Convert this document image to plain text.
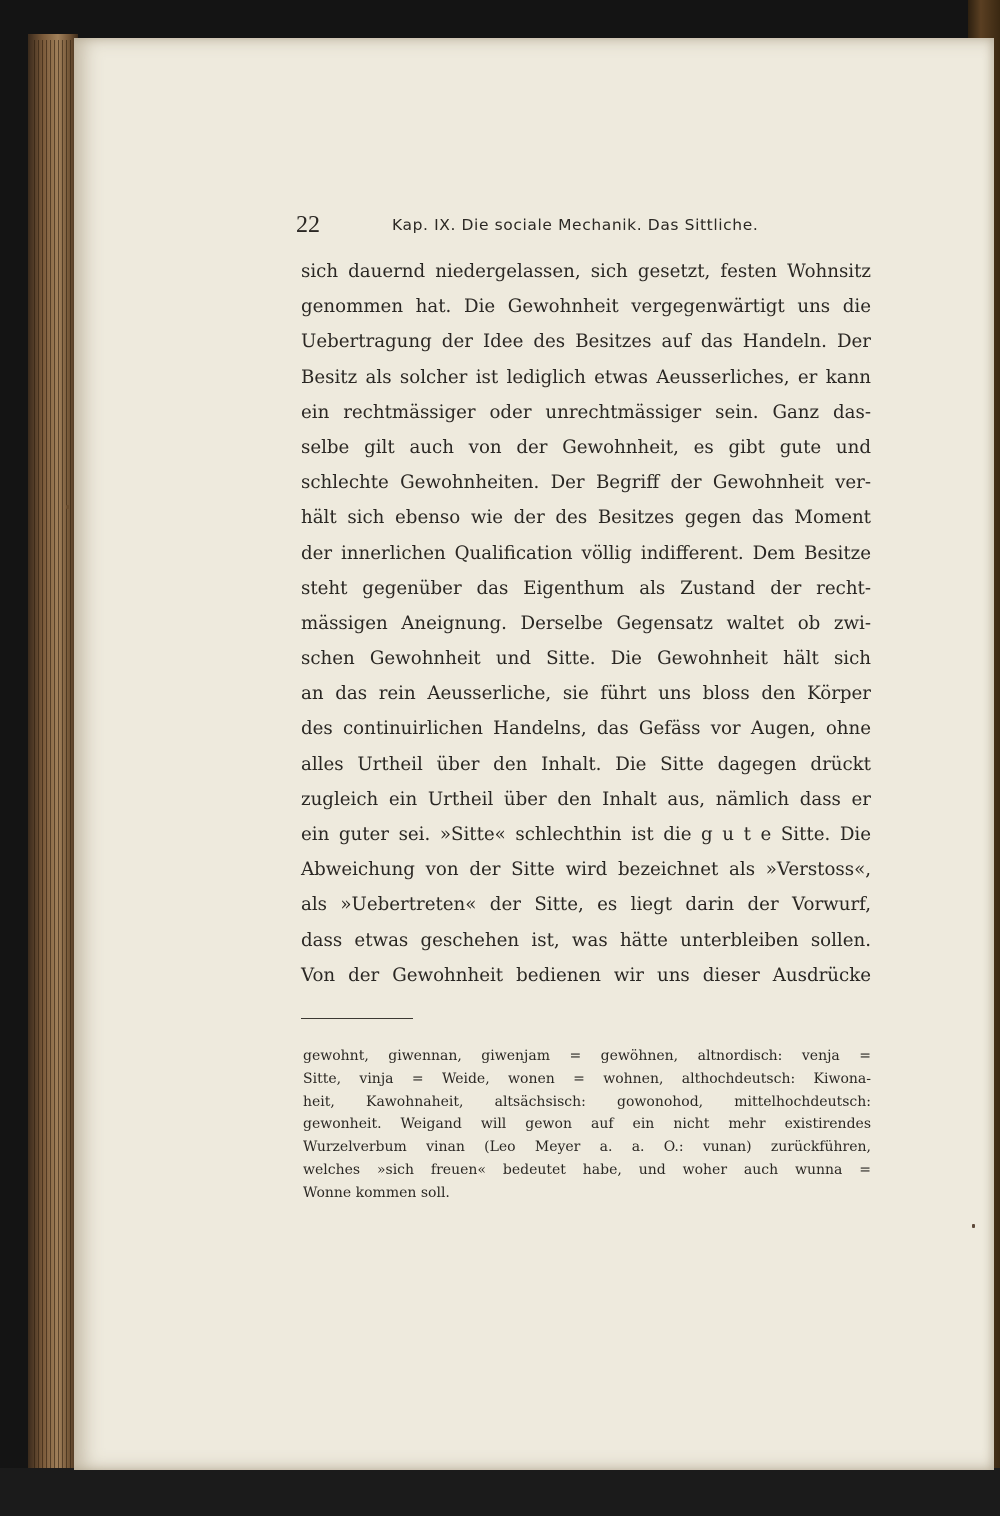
22	Kap. IX. Die sociale Mechanik. Das Sittliche.
sich dauernd niedergelassen, sich gesetzt, festen Wohnsitz
genommen hat. Die Gewohnheit vergegenwärtigt uns die
Uebertragung der Idee des Besitzes auf das Handeln. Der
Besitz als solcher ist lediglich etwas Aeusserliches, er kann
ein rechtmässiger oder unrechtmässiger sein. Ganz das-
selbe gilt auch von der Gewohnheit, es gibt gute und
schlechte Gewohnheiten. Der Begriff der Gewohnheit ver-
hält sich ebenso wie der des Besitzes gegen das Moment
der innerlichen Qualification völlig indifferent. Dem Besitze
steht gegenüber das Eigenthum als Zustand der recht-
mässigen Aneignung. Derselbe Gegensatz waltet ob zwi-
schen Gewohnheit und Sitte. Die Gewohnheit hält sich
an das rein Aeusserliche, sie führt uns bloss den Körper
des continuirlichen Handelns, das Gefäss vor Augen, ohne
alles Urtheil über den Inhalt. Die Sitte dagegen drückt
zugleich ein Urtheil über den Inhalt aus, nämlich dass er
ein guter sei. »Sitte« schlechthin ist die g u t e Sitte. Die
Abweichung von der Sitte wird bezeichnet als »Verstoss«,
als »Uebertreten« der Sitte, es liegt darin der Vorwurf,
dass etwas geschehen ist, was hätte unterbleiben sollen.
Von der Gewohnheit bedienen wir uns dieser Ausdrücke
gewohnt, giwennan, giwenjam = gewöhnen, altnordisch: venja =
Sitte, vinja = Weide, wonen = wohnen, althochdeutsch: Kiwona-
heit, Kawohnaheit, altsächsisch: gowonohod, mittelhochdeutsch:
gewonheit. Weigand will gewon auf ein nicht mehr existirendes
Wurzelverbum vinan (Leo Meyer a. a. O.: vunan) zurückführen,
welches »sich freuen« bedeutet habe, und woher auch wunna =
Wonne kommen soll.
